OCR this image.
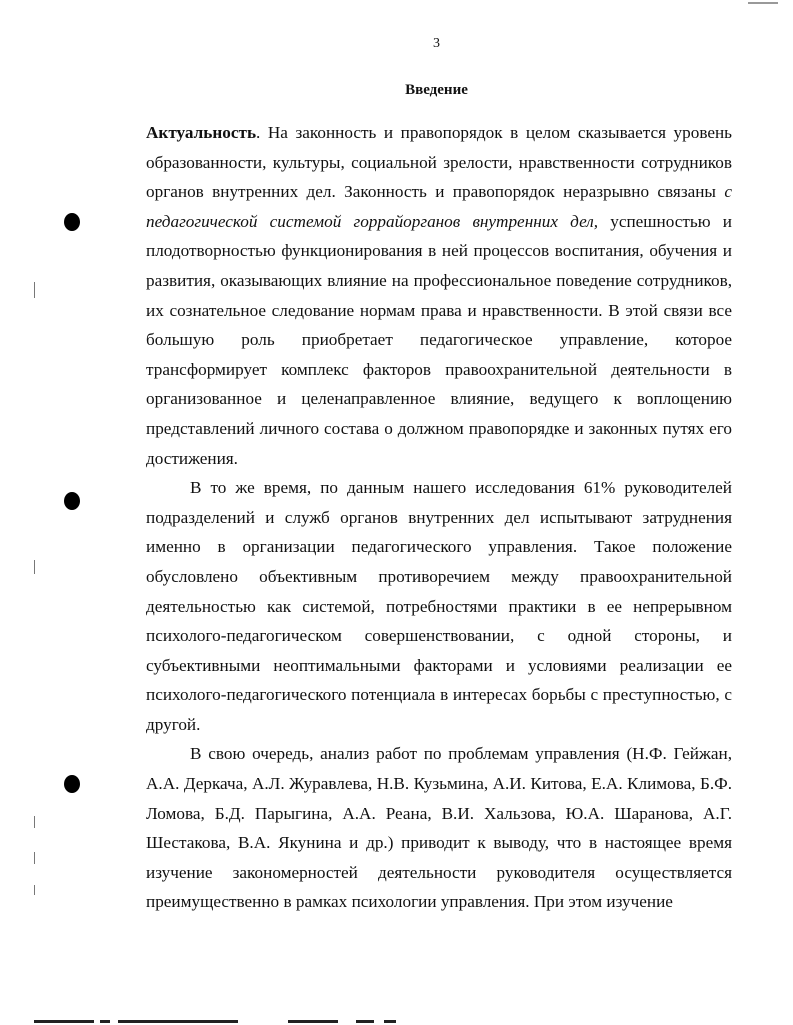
3
Введение

Актуальность. На законность и правопорядок в целом сказывается уровень образованности, культуры, социальной зрелости, нравственности сотрудников органов внутренних дел. Законность и правопорядок неразрывно связаны с педагогической системой горрайорганов внутренних дел, успешностью и плодотворностью функционирования в ней процессов воспитания, обучения и развития, оказывающих влияние на профессиональное поведение сотрудников, их сознательное следование нормам права и нравственности. В этой связи все большую роль приобретает педагогическое управление, которое трансформирует комплекс факторов правоохранительной деятельности в организованное и целенаправленное влияние, ведущего к воплощению представлений личного состава о должном правопорядке и законных путях его достижения.

В то же время, по данным нашего исследования 61% руководителей подразделений и служб органов внутренних дел испытывают затруднения именно в организации педагогического управления. Такое положение обусловлено объективным противоречием между правоохранительной деятельностью как системой, потребностями практики в ее непрерывном психолого-педагогическом совершенствовании, с одной стороны, и субъективными неоптимальными факторами и условиями реализации ее психолого-педагогического потенциала в интересах борьбы с преступностью, с другой.

В свою очередь, анализ работ по проблемам управления (Н.Ф. Гейжан, А.А. Деркача, А.Л. Журавлева, Н.В. Кузьмина, А.И. Китова, Е.А. Климова, Б.Ф. Ломова, Б.Д. Парыгина, А.А. Реана, В.И. Хальзова, Ю.А. Шаранова, А.Г. Шестакова, В.А. Якунина и др.) приводит к выводу, что в настоящее время изучение закономерностей деятельности руководителя осуществляется преимущественно в рамках психологии управления. При этом изучение
